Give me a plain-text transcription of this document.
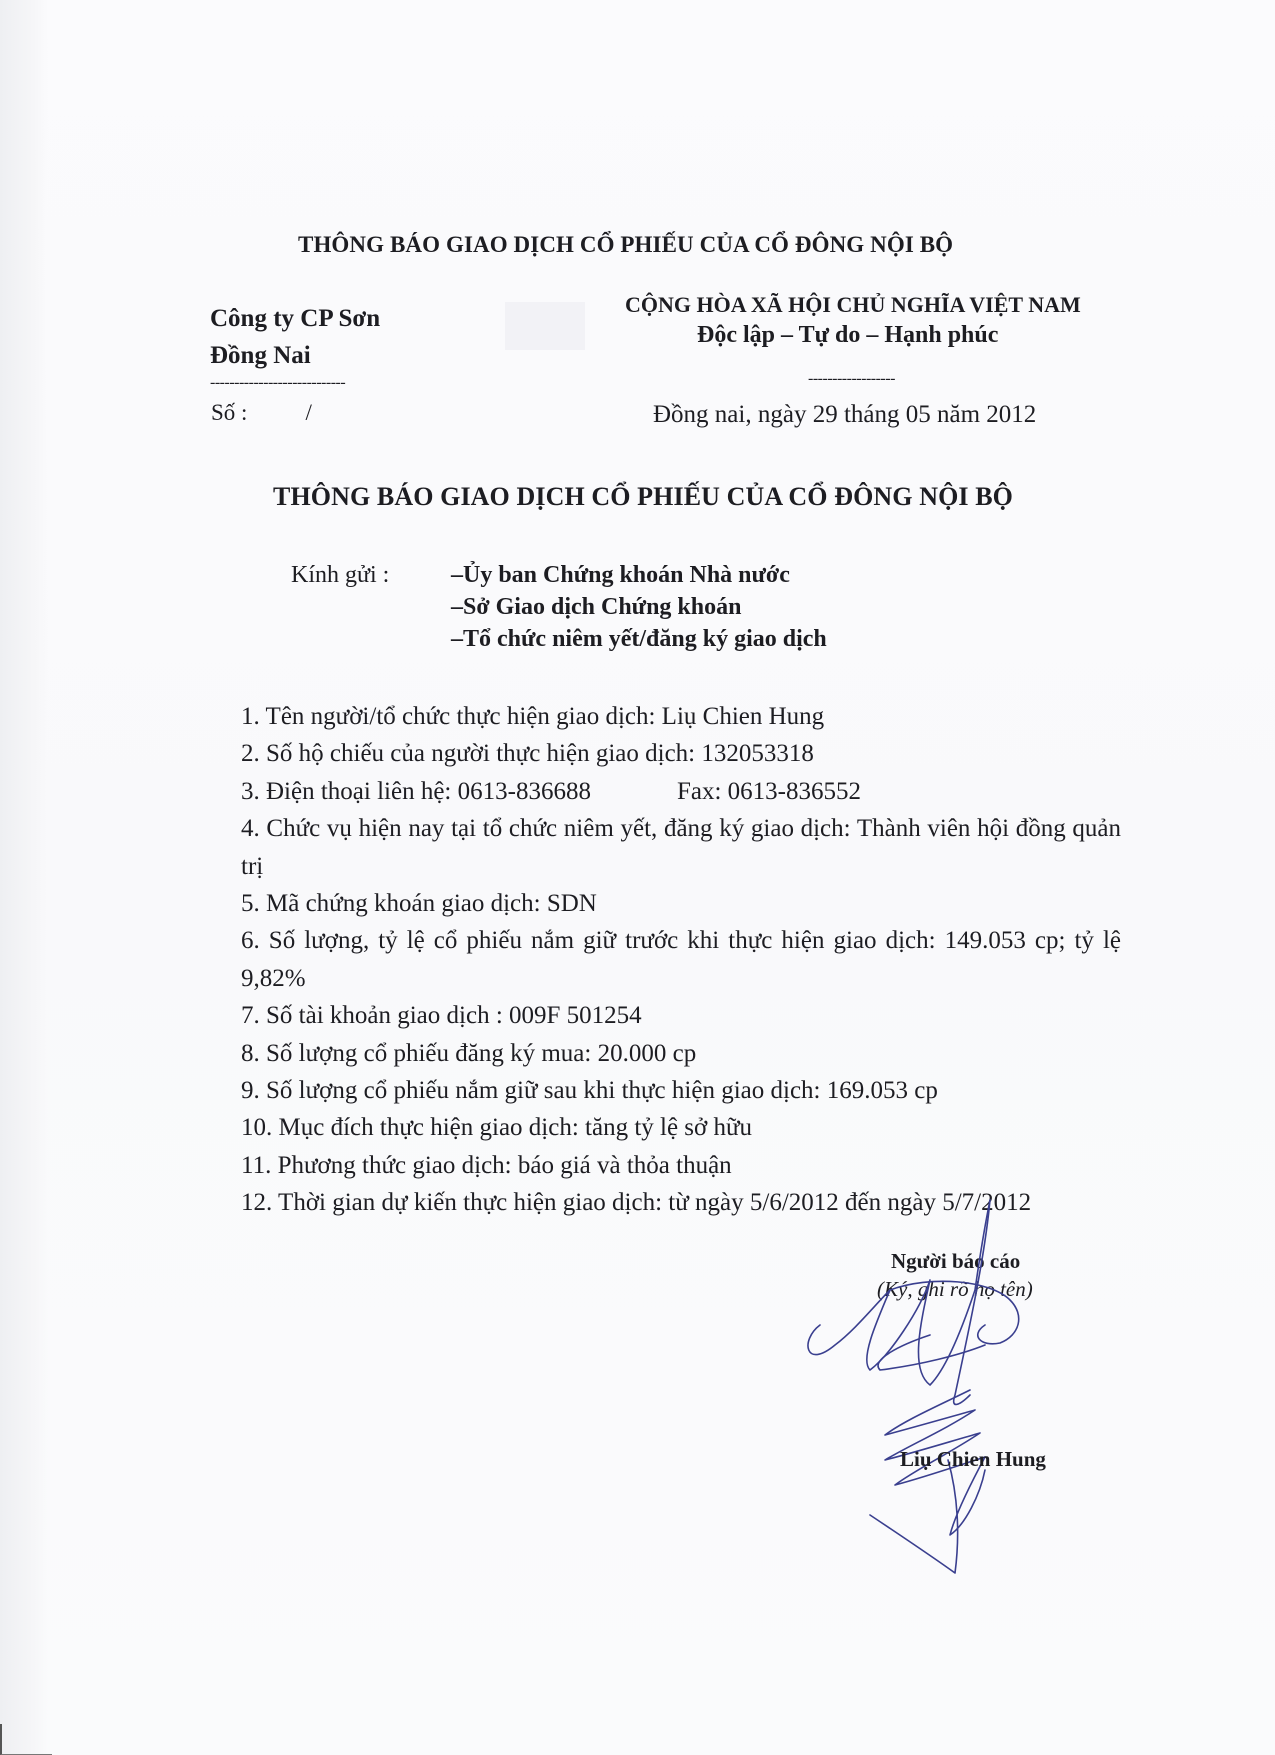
THÔNG BÁO GIAO DỊCH CỔ PHIẾU CỦA CỔ ĐÔNG NỘI BỘ
Công ty CP Sơn
Đồng Nai
----------------------------
Số :	/
CỘNG HÒA XÃ HỘI CHỦ NGHĨA VIỆT NAM
Độc lập – Tự do – Hạnh phúc
------------------
Đồng nai, ngày 29 tháng 05 năm 2012
THÔNG BÁO GIAO DỊCH CỔ PHIẾU CỦA CỔ ĐÔNG NỘI BỘ
Kính gửi :	–Ủy ban Chứng khoán Nhà nước
–Sở Giao dịch Chứng khoán
–Tổ chức niêm yết/đăng ký giao dịch
1. Tên người/tổ chức thực hiện giao dịch: Liụ Chien Hung
2. Số hộ chiếu của người thực hiện giao dịch: 132053318
3. Điện thoại liên hệ: 0613-836688	Fax: 0613-836552
4. Chức vụ hiện nay tại tổ chức niêm yết, đăng ký giao dịch: Thành viên hội đồng quản trị
5. Mã chứng khoán giao dịch: SDN
6. Số lượng, tỷ lệ cổ phiếu nắm giữ trước khi thực hiện giao dịch: 149.053 cp; tỷ lệ 9,82%
7. Số tài khoản giao dịch : 009F 501254
8. Số lượng cổ phiếu đăng ký mua: 20.000 cp
9. Số lượng cổ phiếu nắm giữ sau khi thực hiện giao dịch: 169.053 cp
10. Mục đích thực hiện giao dịch: tăng tỷ lệ sở hữu
11. Phương thức giao dịch: báo giá và thỏa thuận
12. Thời gian dự kiến thực hiện giao dịch: từ ngày 5/6/2012 đến ngày 5/7/2012
Người báo cáo
(Ký, ghi rõ họ tên)
Liụ Chien Hung
